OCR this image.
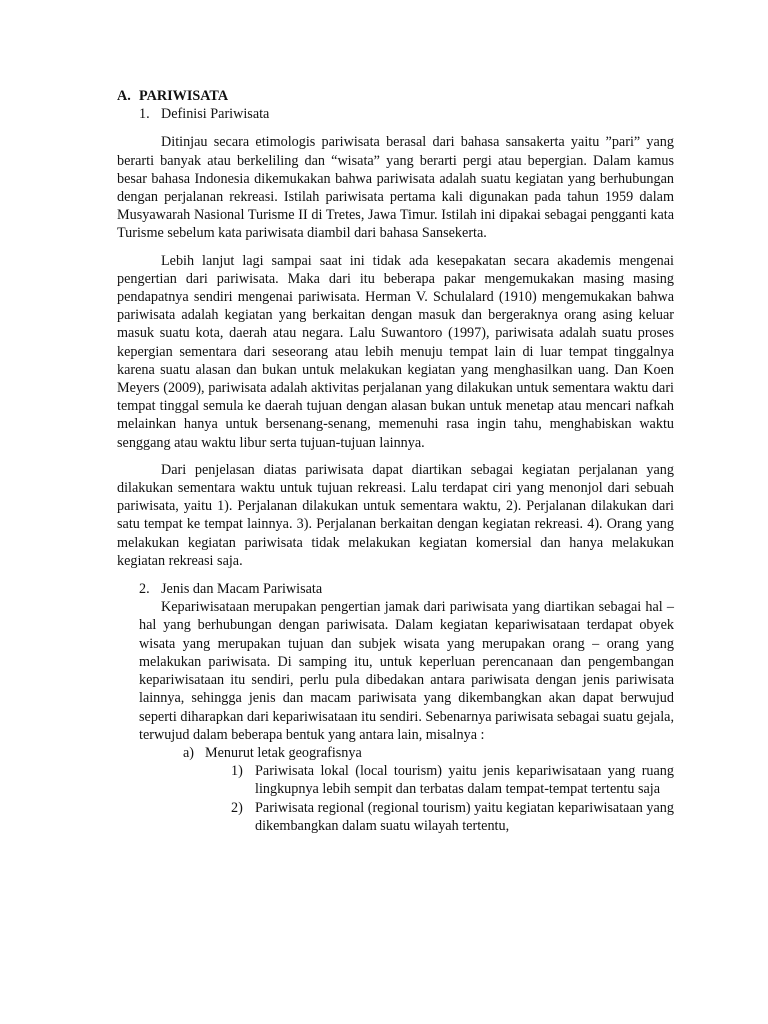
A. PARIWISATA
1. Definisi Pariwisata

Ditinjau secara etimologis pariwisata berasal dari bahasa sansakerta yaitu ”pari” yang berarti banyak atau berkeliling dan “wisata” yang berarti pergi atau bepergian. Dalam kamus besar bahasa Indonesia dikemukakan bahwa pariwisata adalah suatu kegiatan yang berhubungan dengan perjalanan rekreasi. Istilah pariwisata pertama kali digunakan pada tahun 1959 dalam Musyawarah Nasional Turisme II di Tretes, Jawa Timur. Istilah ini dipakai sebagai pengganti kata Turisme sebelum kata pariwisata diambil dari bahasa Sansekerta.

Lebih lanjut lagi sampai saat ini tidak ada kesepakatan secara akademis mengenai pengertian dari pariwisata. Maka dari itu beberapa pakar mengemukakan masing masing pendapatnya sendiri mengenai pariwisata. Herman V. Schulalard (1910) mengemukakan bahwa pariwisata adalah kegiatan yang berkaitan dengan masuk dan bergeraknya orang asing keluar masuk suatu kota, daerah atau negara. Lalu Suwantoro (1997), pariwisata adalah suatu proses kepergian sementara dari seseorang atau lebih menuju tempat lain di luar tempat tinggalnya karena suatu alasan dan bukan untuk melakukan kegiatan yang menghasilkan uang. Dan Koen Meyers (2009), pariwisata adalah aktivitas perjalanan yang dilakukan untuk sementara waktu dari tempat tinggal semula ke daerah tujuan dengan alasan bukan untuk menetap atau mencari nafkah melainkan hanya untuk bersenang-senang, memenuhi rasa ingin tahu, menghabiskan waktu senggang atau waktu libur serta tujuan-tujuan lainnya.

Dari penjelasan diatas pariwisata dapat diartikan sebagai kegiatan perjalanan yang dilakukan sementara waktu untuk tujuan rekreasi. Lalu terdapat ciri yang menonjol dari sebuah pariwisata, yaitu 1). Perjalanan dilakukan untuk sementara waktu, 2). Perjalanan dilakukan dari satu tempat ke tempat lainnya. 3). Perjalanan berkaitan dengan kegiatan rekreasi. 4). Orang yang melakukan kegiatan pariwisata tidak melakukan kegiatan komersial dan hanya melakukan kegiatan rekreasi saja.

2. Jenis dan Macam Pariwisata

Kepariwisataan merupakan pengertian jamak dari pariwisata yang diartikan sebagai hal – hal yang berhubungan dengan pariwisata. Dalam kegiatan kepariwisataan terdapat obyek wisata yang merupakan tujuan dan subjek wisata yang merupakan orang – orang yang melakukan pariwisata. Di samping itu, untuk keperluan perencanaan dan pengembangan kepariwisataan itu sendiri, perlu pula dibedakan antara pariwisata dengan jenis pariwisata lainnya, sehingga jenis dan macam pariwisata yang dikembangkan akan dapat berwujud seperti diharapkan dari kepariwisataan itu sendiri. Sebenarnya pariwisata sebagai suatu gejala, terwujud dalam beberapa bentuk yang antara lain, misalnya :

a) Menurut letak geografisnya
1) Pariwisata lokal (local tourism) yaitu jenis kepariwisataan yang ruang lingkupnya lebih sempit dan terbatas dalam tempat-tempat tertentu saja
2) Pariwisata regional (regional tourism) yaitu kegiatan kepariwisataan yang dikembangkan dalam suatu wilayah tertentu,
